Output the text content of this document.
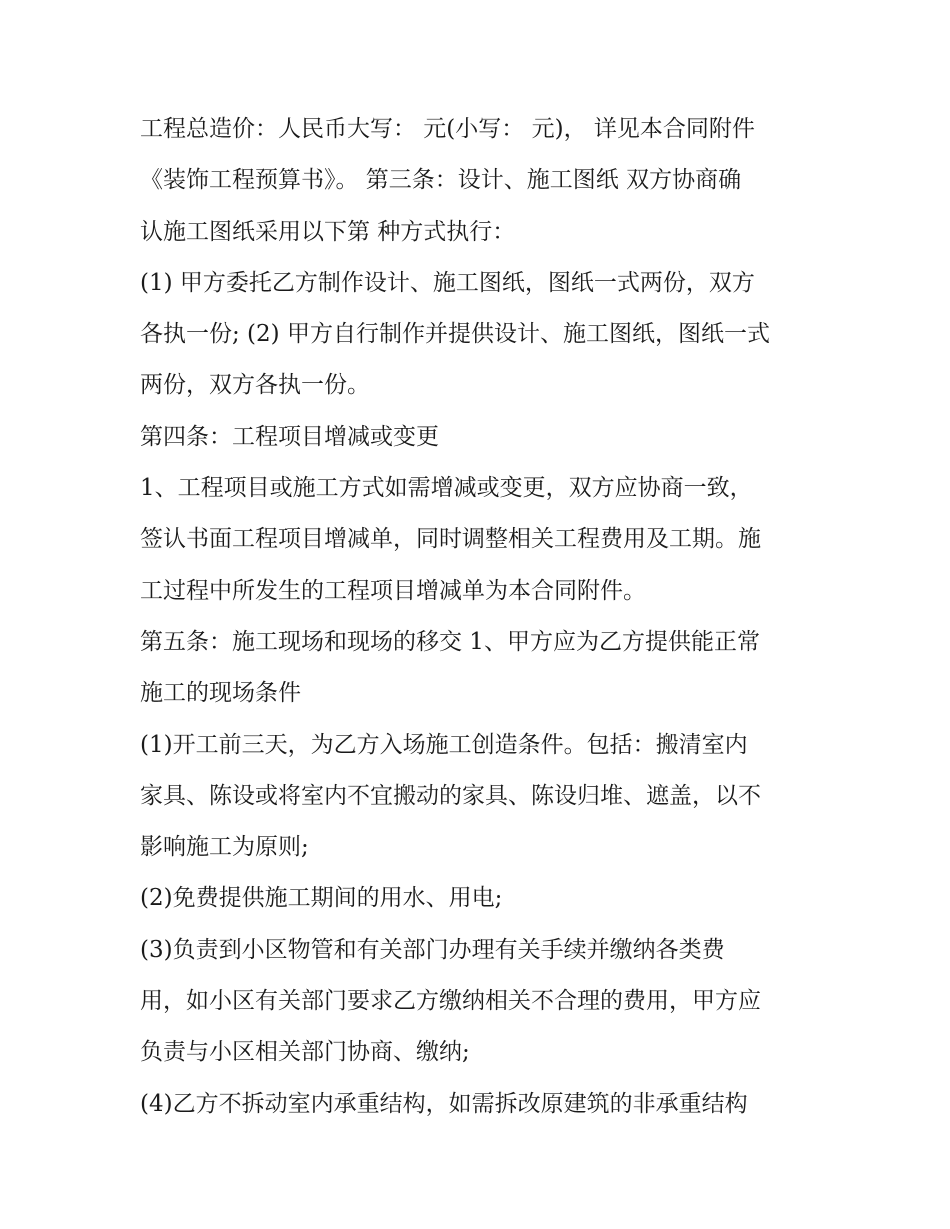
工程总造价：人民币大写： 元(小写： 元)， 详见本合同附件
《装饰工程预算书》。 第三条：设计、施工图纸 双方协商确
认施工图纸采用以下第 种方式执行：
(1) 甲方委托乙方制作设计、施工图纸，图纸一式两份，双方
各执一份; (2) 甲方自行制作并提供设计、施工图纸，图纸一式
两份，双方各执一份。
第四条：工程项目增减或变更
1、工程项目或施工方式如需增减或变更，双方应协商一致，
签认书面工程项目增减单，同时调整相关工程费用及工期。施
工过程中所发生的工程项目增减单为本合同附件。
第五条：施工现场和现场的移交 1、甲方应为乙方提供能正常
施工的现场条件
(1)开工前三天，为乙方入场施工创造条件。包括：搬清室内
家具、陈设或将室内不宜搬动的家具、陈设归堆、遮盖，以不
影响施工为原则;
(2)免费提供施工期间的用水、用电;
(3)负责到小区物管和有关部门办理有关手续并缴纳各类费
用，如小区有关部门要求乙方缴纳相关不合理的费用，甲方应
负责与小区相关部门协商、缴纳;
(4)乙方不拆动室内承重结构，如需拆改原建筑的非承重结构
